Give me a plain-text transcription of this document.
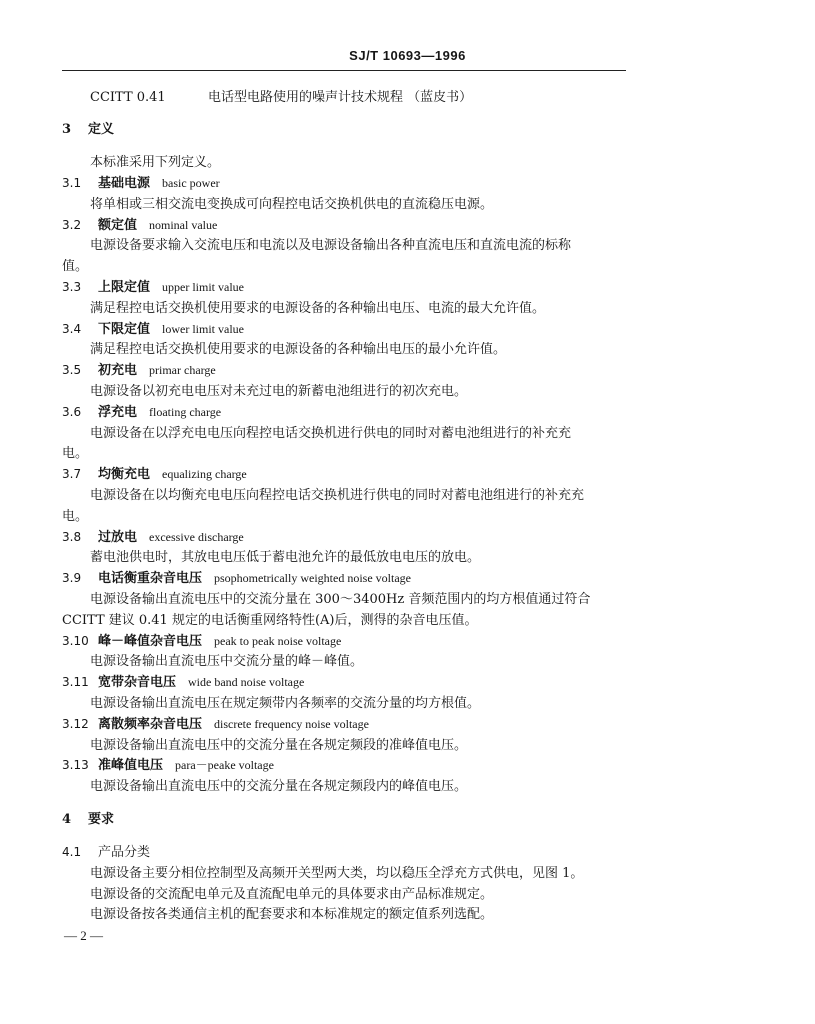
SJ/T 10693—1996
CCITT 0.41	电话型电路使用的噪声计技术规程 （蓝皮书）
3 定义
本标准采用下列定义。
3.1 基础电源 basic power
将单相或三相交流电变换成可向程控电话交换机供电的直流稳压电源。
3.2 额定值 nominal value
电源设备要求输入交流电压和电流以及电源设备输出各种直流电压和直流电流的标称
值。
3.3 上限定值 upper limit value
满足程控电话交换机使用要求的电源设备的各种输出电压、电流的最大允许值。
3.4 下限定值 lower limit value
满足程控电话交换机使用要求的电源设备的各种输出电压的最小允许值。
3.5 初充电 primar charge
电源设备以初充电电压对未充过电的新蓄电池组进行的初次充电。
3.6 浮充电 floating charge
电源设备在以浮充电电压向程控电话交换机进行供电的同时对蓄电池组进行的补充充
电。
3.7 均衡充电 equalizing charge
电源设备在以均衡充电电压向程控电话交换机进行供电的同时对蓄电池组进行的补充充
电。
3.8 过放电 excessive discharge
蓄电池供电时，其放电电压低于蓄电池允许的最低放电电压的放电。
3.9 电话衡重杂音电压 psophometrically weighted noise voltage
电源设备输出直流电压中的交流分量在 300～3400Hz 音频范围内的均方根值通过符合
CCITT 建议 0.41 规定的电话衡重网络特性(A)后，测得的杂音电压值。
3.10 峰－峰值杂音电压 peak to peak noise voltage
电源设备输出直流电压中交流分量的峰－峰值。
3.11 宽带杂音电压 wide band noise voltage
电源设备输出直流电压在规定频带内各频率的交流分量的均方根值。
3.12 离散频率杂音电压 discrete frequency noise voltage
电源设备输出直流电压中的交流分量在各规定频段的准峰值电压。
3.13 准峰值电压 para－peake voltage
电源设备输出直流电压中的交流分量在各规定频段内的峰值电压。
4 要求
4.1 产品分类
电源设备主要分相位控制型及高频开关型两大类，均以稳压全浮充方式供电，见图 1。
电源设备的交流配电单元及直流配电单元的具体要求由产品标准规定。
电源设备按各类通信主机的配套要求和本标准规定的额定值系列选配。
— 2 —
